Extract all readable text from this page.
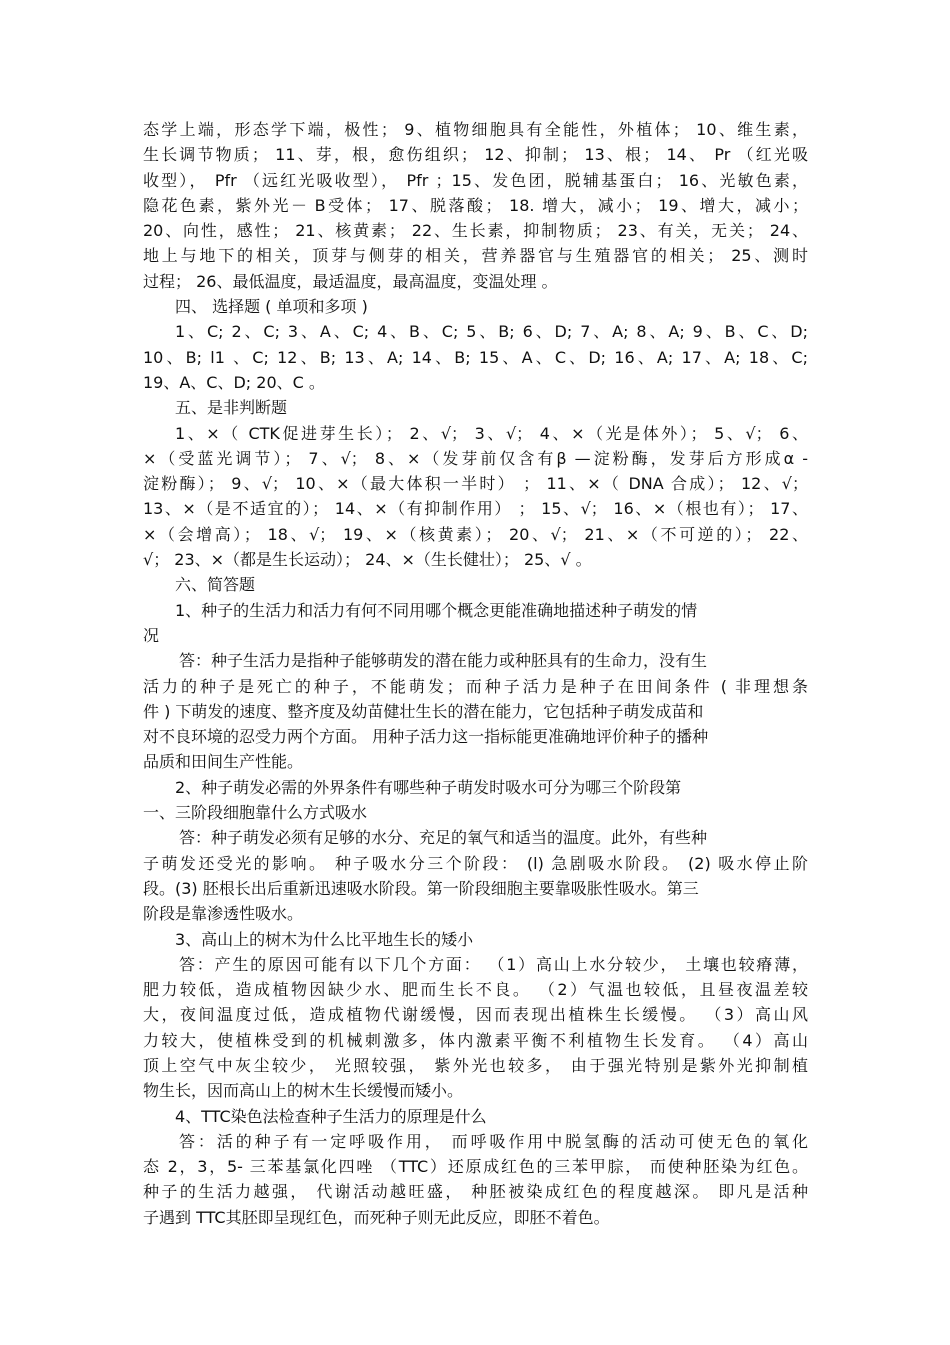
态学上端，形态学下端，极性； 9、植物细胞具有全能性，外植体； 10、维生素，
生长调节物质； 11、芽，根，愈伤组织； 12、抑制； 13、根； 14、 Pr （红光吸
收型）， Pfr （远红光吸收型）， Pfr ；15、发色团，脱辅基蛋白； 16、光敏色素，
隐花色素，紫外光－ B受体； 17、脱落酸； 18. 增大，减小； 19、增大，减小；
20、向性，感性； 21、核黄素； 22、生长素，抑制物质； 23、有关，无关； 24、
地上与地下的相关，顶芽与侧芽的相关，营养器官与生殖器官的相关； 25、测时
过程； 26、最低温度，最适温度，最高温度，变温处理 。
四、 选择题 ( 单项和多项 )
1、C; 2、C; 3、A、C; 4、B、C; 5、B; 6、D; 7、A; 8、A; 9、B、C、D;
10、B; l1 、C; 12、B; 13、A; 14、B; 15、A、C、D; 16、A; 17、A; 18、C;
19、A、C、D; 20、C 。
五、是非判断题
1、×（ CTK促进芽生长）； 2、√； 3、√； 4、×（光是体外）； 5、√； 6、
×（受蓝光调节）； 7、√； 8、×（发芽前仅含有β —淀粉酶，发芽后方形成α -
淀粉酶）； 9、√； 10、×（最大体积一半时） ； 11、×（ DNA 合成）； 12、√；
13、×（是不适宜的）； 14、×（有抑制作用） ； 15、√； 16、×（根也有）； 17、
×（会增高）； 18、√； 19、×（核黄素）； 20、√； 21、×（不可逆的）； 22、
√； 23、×（都是生长运动）； 24、×（生长健壮）； 25、√ 。
六、简答题
1、种子的生活力和活力有何不同用哪个概念更能准确地描述种子萌发的情
况
答：种子生活力是指种子能够萌发的潜在能力或种胚具有的生命力，没有生
活力的种子是死亡的种子，不能萌发；而种子活力是种子在田间条件 ( 非理想条
件 ) 下萌发的速度、整齐度及幼苗健壮生长的潜在能力，它包括种子萌发成苗和
对不良环境的忍受力两个方面。 用种子活力这一指标能更准确地评价种子的播种
品质和田间生产性能。
2、种子萌发必需的外界条件有哪些种子萌发时吸水可分为哪三个阶段第
一、三阶段细胞靠什么方式吸水
答：种子萌发必须有足够的水分、充足的氧气和适当的温度。此外，有些种
子萌发还受光的影响。 种子吸水分三个阶段： (l) 急剧吸水阶段。 (2) 吸水停止阶
段。(3) 胚根长出后重新迅速吸水阶段。第一阶段细胞主要靠吸胀性吸水。第三
阶段是靠渗透性吸水。
3、高山上的树木为什么比平地生长的矮小
答：产生的原因可能有以下几个方面： （1）高山上水分较少， 土壤也较瘠薄，
肥力较低，造成植物因缺少水、肥而生长不良。 （2）气温也较低，且昼夜温差较
大，夜间温度过低，造成植物代谢缓慢，因而表现出植株生长缓慢。 （3）高山风
力较大，使植株受到的机械刺激多，体内激素平衡不利植物生长发育。 （4）高山
顶上空气中灰尘较少， 光照较强， 紫外光也较多， 由于强光特别是紫外光抑制植
物生长，因而高山上的树木生长缓慢而矮小。
4、TTC染色法检查种子生活力的原理是什么
答：活的种子有一定呼吸作用， 而呼吸作用中脱氢酶的活动可使无色的氧化
态 2，3，5- 三苯基氯化四唑 （TTC）还原成红色的三苯甲腙， 而使种胚染为红色。
种子的生活力越强， 代谢活动越旺盛， 种胚被染成红色的程度越深。 即凡是活种
子遇到 TTC其胚即呈现红色，而死种子则无此反应，即胚不着色。
